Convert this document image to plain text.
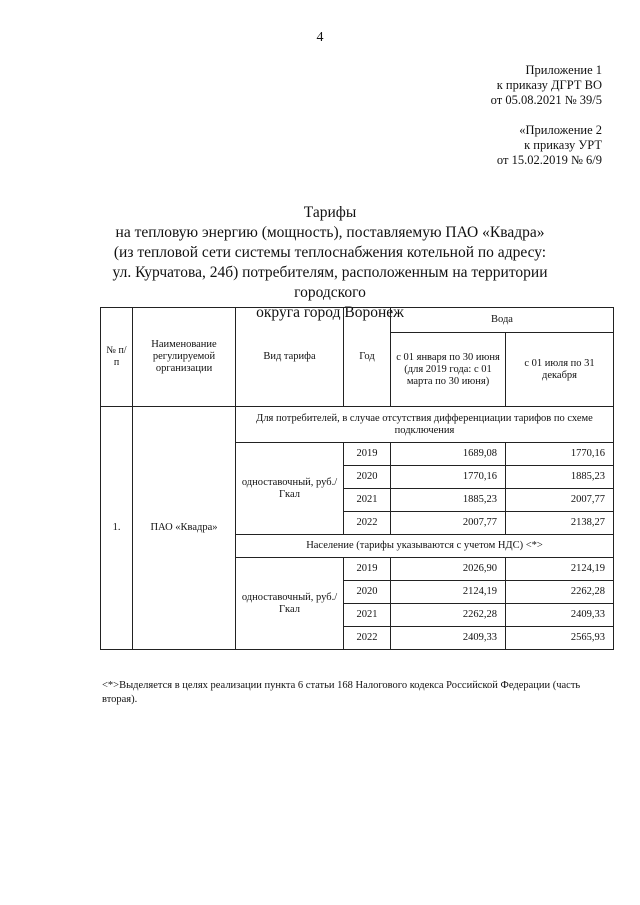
4
Приложение 1
к приказу ДГРТ ВО
от 05.08.2021 № 39/5
«Приложение 2
к приказу УРТ
от 15.02.2019 № 6/9
Тарифы
на тепловую энергию (мощность), поставляемую ПАО «Квадра»
(из тепловой сети системы теплоснабжения котельной по адресу:
ул. Курчатова, 24б) потребителям, расположенным на территории городского
округа город Воронеж
№ п/п	Наименование регулируемой организации	Вид тарифа	Год	Вода	
				с 01 января по 30 июня (для 2019 года: с 01 марта по 30 июня)	с 01 июля по 31 декабря
1.	ПАО «Квадра»	Для потребителей, в случае отсутствия дифференциации тарифов по схеме подключения			
		одноставочный, руб./Гкал	2019	1689,08	1770,16
			2020	1770,16	1885,23
			2021	1885,23	2007,77
			2022	2007,77	2138,27
		Население (тарифы указываются с учетом НДС) <*>			
		одноставочный, руб./Гкал	2019	2026,90	2124,19
			2020	2124,19	2262,28
			2021	2262,28	2409,33
			2022	2409,33	2565,93
<*>Выделяется в целях реализации пункта 6 статьи 168 Налогового кодекса Российской Федерации (часть вторая).
